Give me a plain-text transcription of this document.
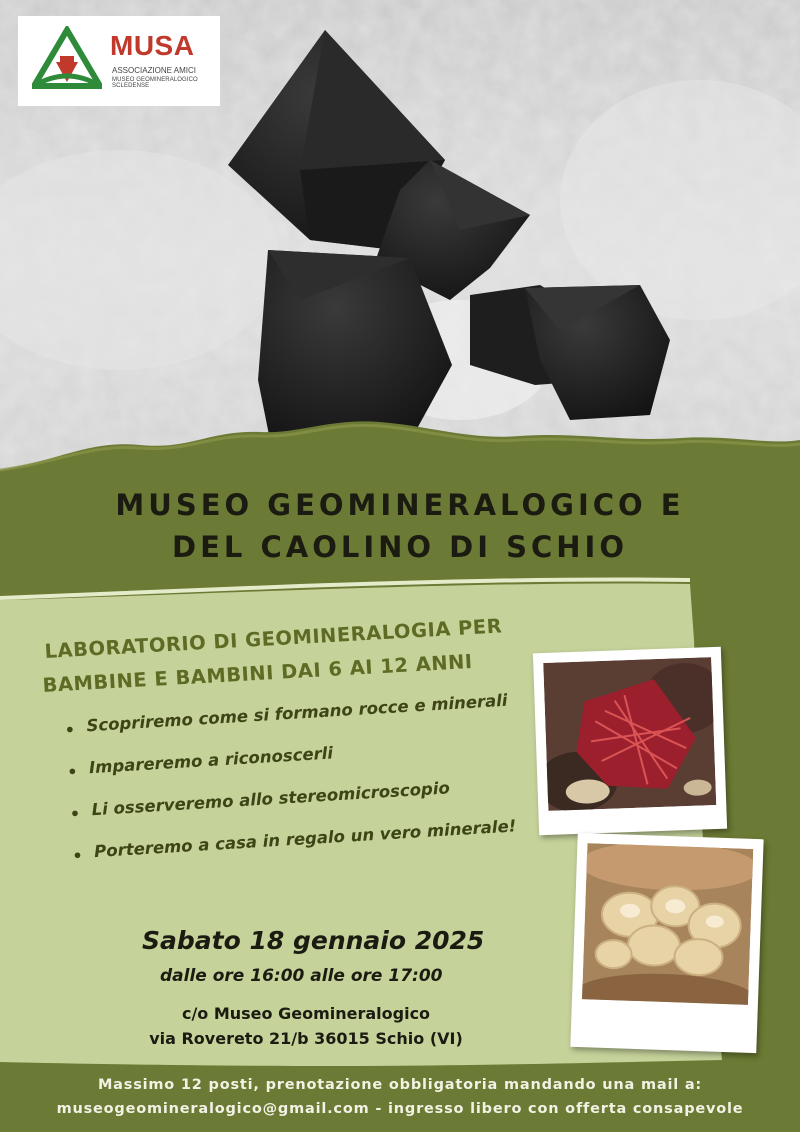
MUSA
ASSOCIAZIONE AMICI
MUSEO GEOMINERALOGICO SCLEDENSE
MUSEO GEOMINERALOGICO E
DEL CAOLINO DI SCHIO
LABORATORIO DI GEOMINERALOGIA PER
BAMBINE E BAMBINI DAI 6 AI 12 ANNI
• Scopriremo come si formano rocce e minerali
• Impareremo a riconoscerli
• Li osserveremo allo stereomicroscopio
• Porteremo a casa in regalo un vero minerale!
Sabato 18 gennaio 2025
dalle ore 16:00 alle ore 17:00
c/o Museo Geomineralogico
via Rovereto 21/b 36015 Schio (VI)
Massimo 12 posti, prenotazione obbligatoria mandando una mail a:
museogeomineralogico@gmail.com - ingresso libero con offerta consapevole
